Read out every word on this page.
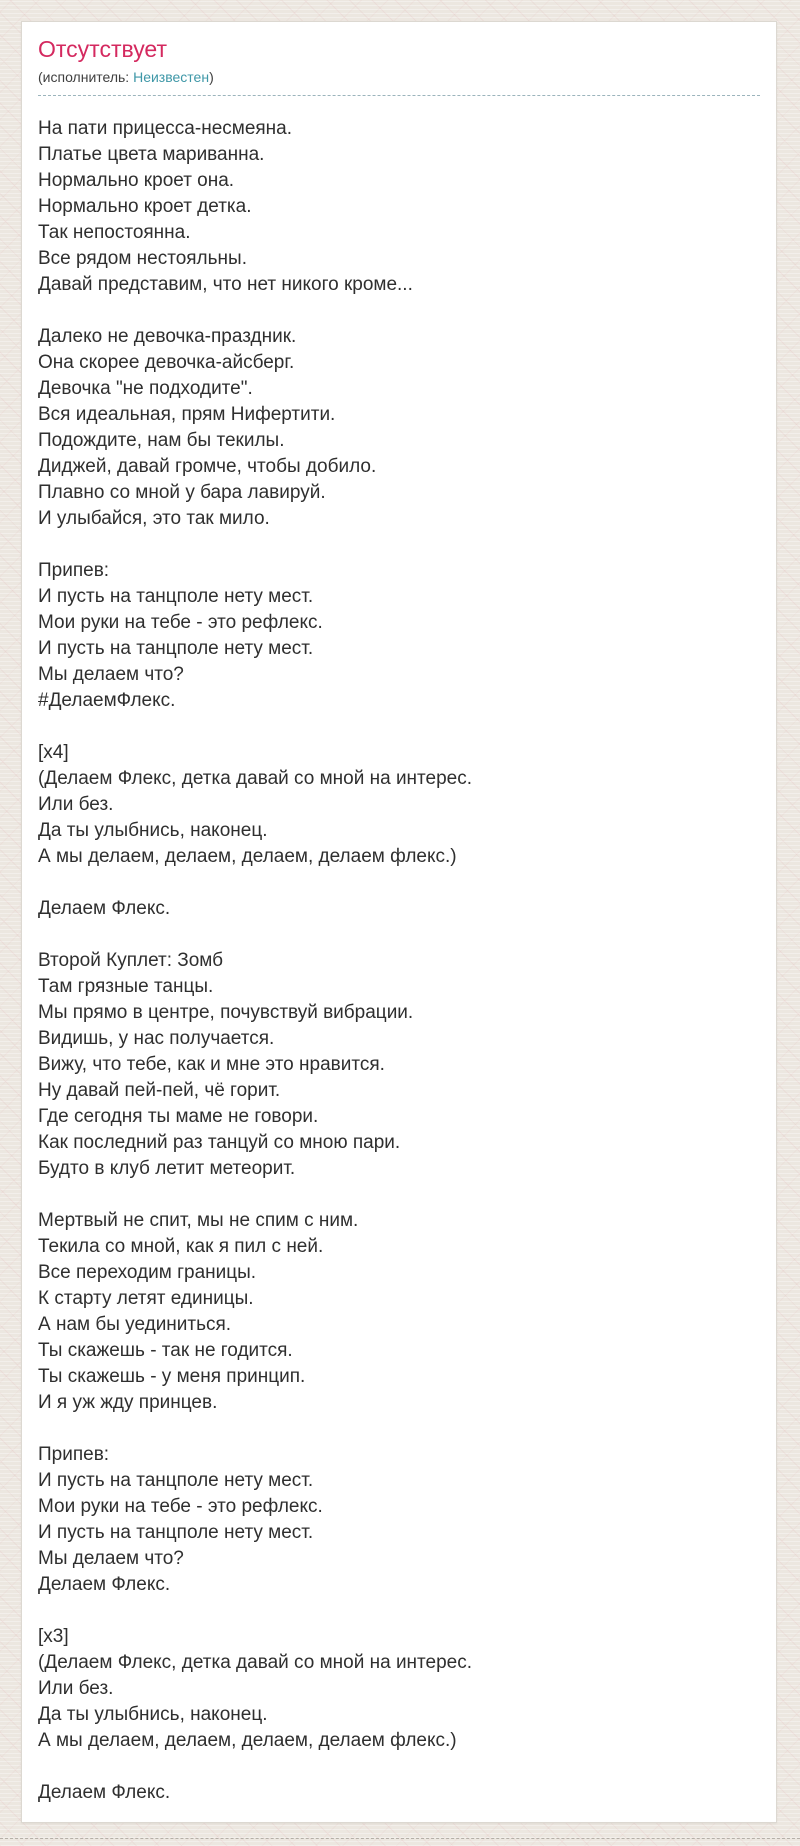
Отсутствует

(исполнитель: Неизвестен)

На пати прицесса-несмеяна.
Платье цвета мариванна.
Нормально кроет она.
Нормально кроет детка.
Так непостоянна.
Все рядом нестояльны.
Давай представим, что нет никого кроме...

Далеко не девочка-праздник.
Она скорее девочка-айсберг.
Девочка "не подходите".
Вся идеальная, прям Нифертити.
Подождите, нам бы текилы.
Диджей, давай громче, чтобы добило.
Плавно со мной у бара лавируй.
И улыбайся, это так мило.

Припев:
И пусть на танцполе нету мест.
Мои руки на тебе - это рефлекс.
И пусть на танцполе нету мест.
Мы делаем что?
#ДелаемФлекс.

[x4]
(Делаем Флекс, детка давай со мной на интерес.
Или без.
Да ты улыбнись, наконец.
А мы делаем, делаем, делаем, делаем флекс.)

Делаем Флекс.

Второй Куплет: Зомб
Там грязные танцы.
Мы прямо в центре, почувствуй вибрации.
Видишь, у нас получается.
Вижу, что тебе, как и мне это нравится.
Ну давай пей-пей, чё горит.
Где сегодня ты маме не говори.
Как последний раз танцуй со мною пари.
Будто в клуб летит метеорит.

Мертвый не спит, мы не спим с ним.
Текила со мной, как я пил с ней.
Все переходим границы.
К старту летят единицы.
А нам бы уединиться.
Ты скажешь - так не годится.
Ты скажешь - у меня принцип.
И я уж жду принцев.

Припев:
И пусть на танцполе нету мест.
Мои руки на тебе - это рефлекс.
И пусть на танцполе нету мест.
Мы делаем что?
Делаем Флекс.

[x3]
(Делаем Флекс, детка давай со мной на интерес.
Или без.
Да ты улыбнись, наконец.
А мы делаем, делаем, делаем, делаем флекс.)

Делаем Флекс.
